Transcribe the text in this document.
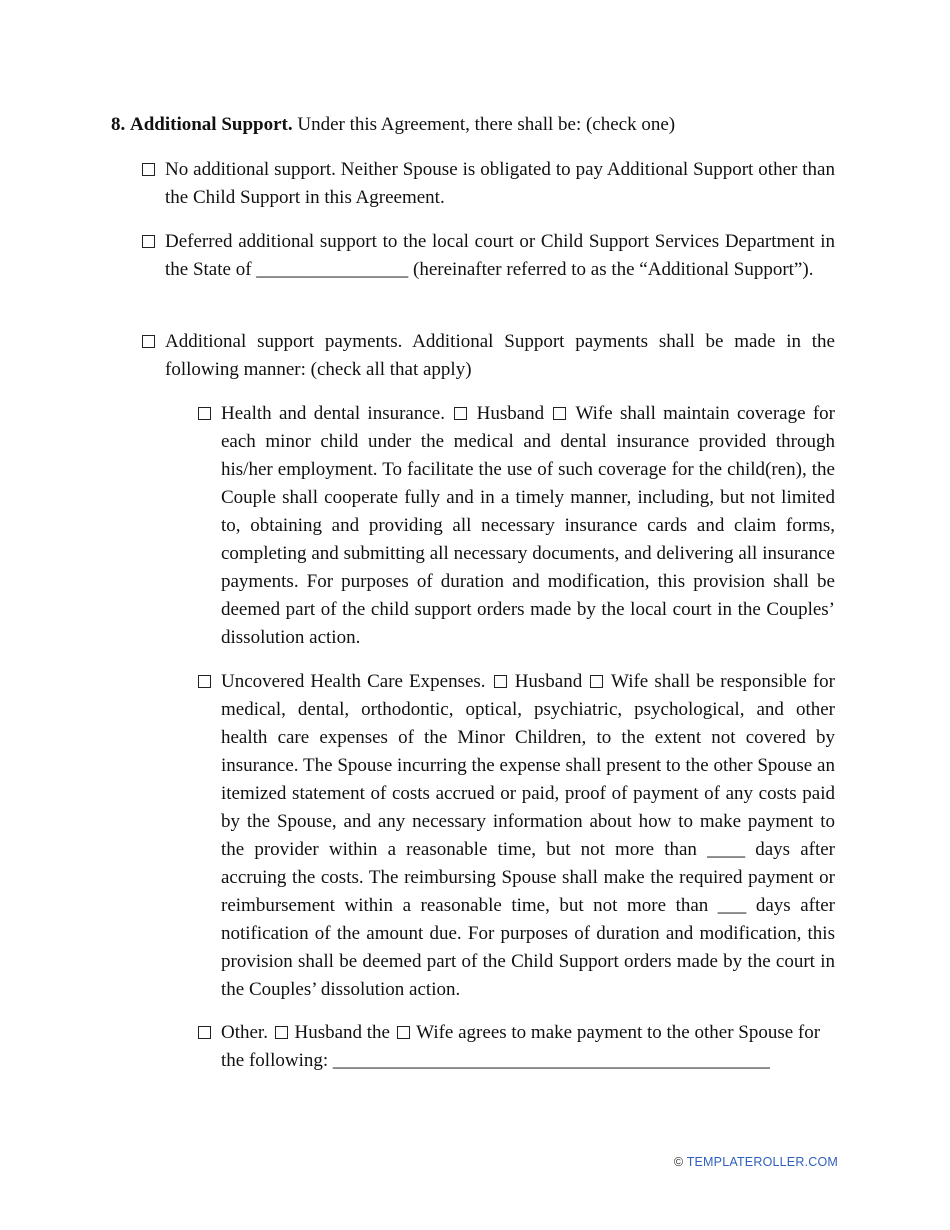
8. Additional Support. Under this Agreement, there shall be: (check one)
No additional support. Neither Spouse is obligated to pay Additional Support other than the Child Support in this Agreement.
Deferred additional support to the local court or Child Support Services Department in the State of ________________ (hereinafter referred to as the “Additional Support”).
Additional support payments. Additional Support payments shall be made in the following manner: (check all that apply)
Health and dental insurance. Husband Wife shall maintain coverage for each minor child under the medical and dental insurance provided through his/her employment. To facilitate the use of such coverage for the child(ren), the Couple shall cooperate fully and in a timely manner, including, but not limited to, obtaining and providing all necessary insurance cards and claim forms, completing and submitting all necessary documents, and delivering all insurance payments. For purposes of duration and modification, this provision shall be deemed part of the child support orders made by the local court in the Couples’ dissolution action.
Uncovered Health Care Expenses. Husband Wife shall be responsible for medical, dental, orthodontic, optical, psychiatric, psychological, and other health care expenses of the Minor Children, to the extent not covered by insurance. The Spouse incurring the expense shall present to the other Spouse an itemized statement of costs accrued or paid, proof of payment of any costs paid by the Spouse, and any necessary information about how to make payment to the provider within a reasonable time, but not more than ____ days after accruing the costs. The reimbursing Spouse shall make the required payment or reimbursement within a reasonable time, but not more than ___ days after notification of the amount due. For purposes of duration and modification, this provision shall be deemed part of the Child Support orders made by the court in the Couples’ dissolution action.
Other. Husband the Wife agrees to make payment to the other Spouse for the following: ______________________________________________
© TEMPLATEROLLER.COM
